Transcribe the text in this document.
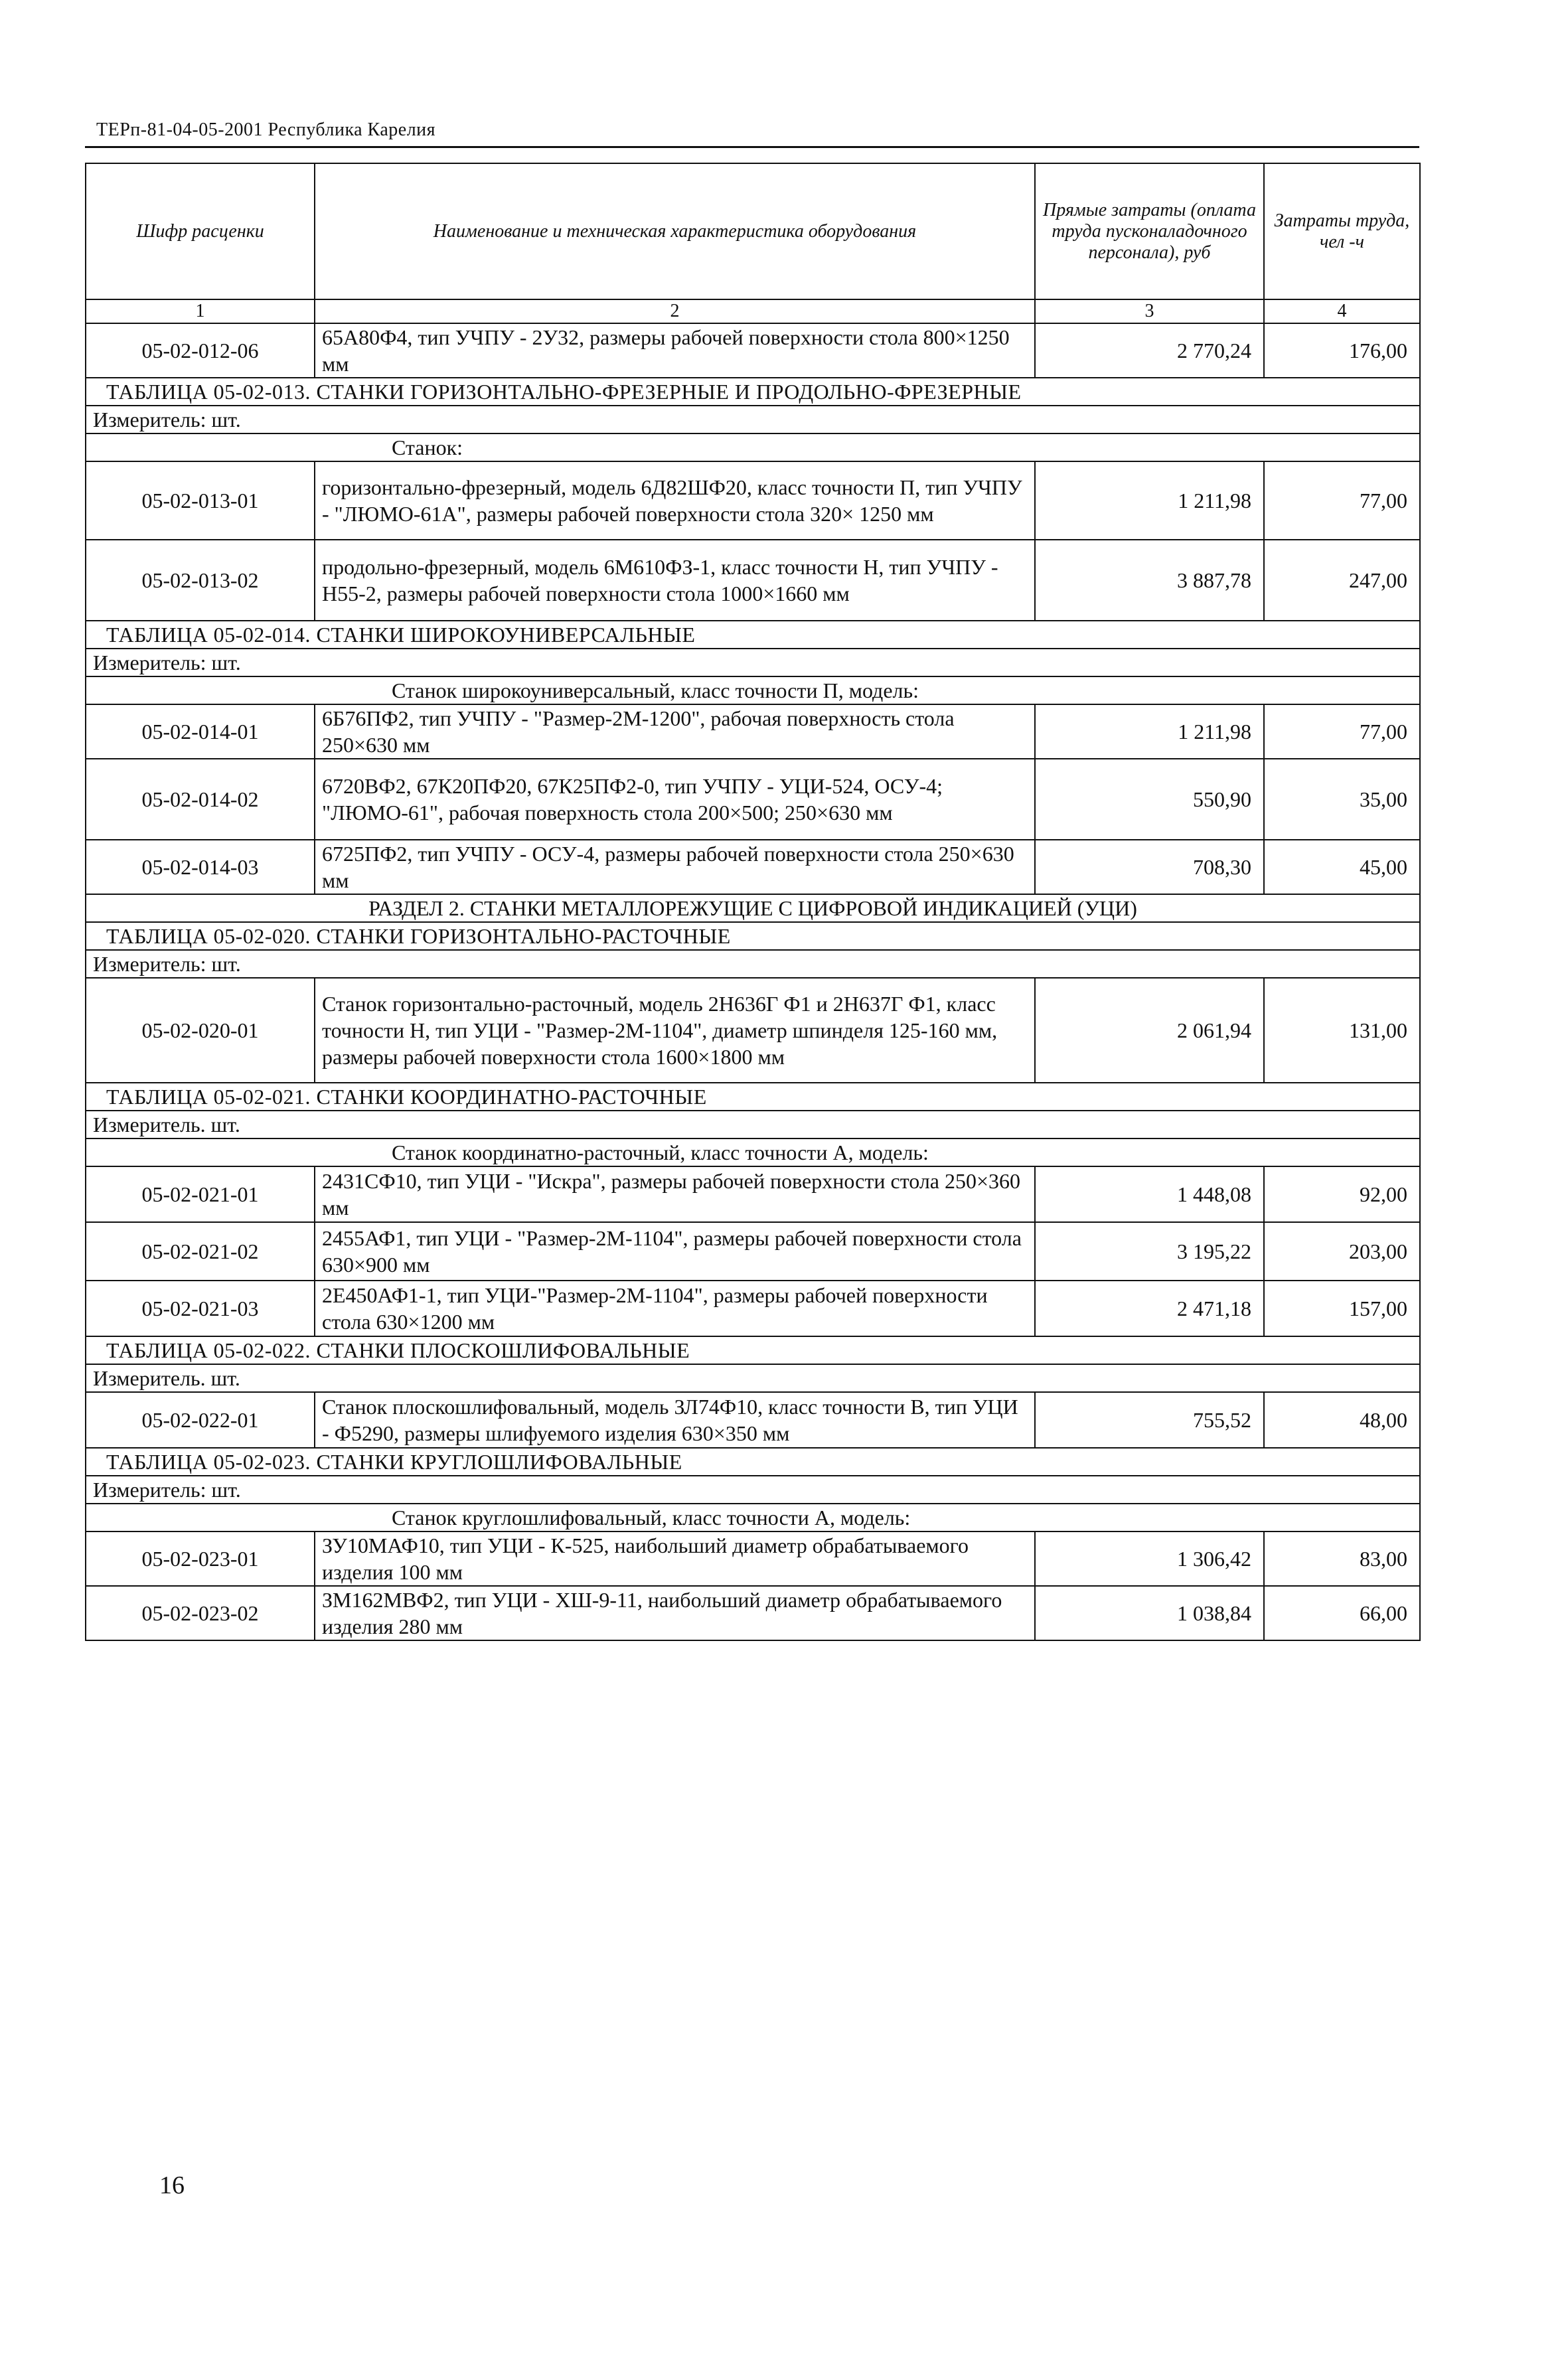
ТЕРп-81-04-05-2001 Республика Карелия
Шифр расценки	Наименование и техническая характеристика оборудования	Прямые затраты (оплата труда пусконаладочного персонала), руб	Затраты труда, чел -ч
1	2	3	4
05-02-012-06	65А80Ф4, тип УЧПУ - 2У32, размеры рабочей поверхности стола 800×1250 мм	2 770,24	176,00

ТАБЛИЦА 05-02-013. СТАНКИ ГОРИЗОНТАЛЬНО-ФРЕЗЕРНЫЕ И ПРОДОЛЬНО-ФРЕЗЕРНЫЕ			

Измеритель: шт.			

Станок:			

05-02-013-01	горизонтально-фрезерный, модель 6Д82ШФ20, класс точности П, тип УЧПУ - "ЛЮМО-61А", размеры рабочей поверхности стола 320× 1250 мм	1 211,98	77,00
05-02-013-02	продольно-фрезерный, модель 6М610ФЗ-1, класс точности Н, тип УЧПУ - Н55-2, размеры рабочей поверхности стола 1000×1660 мм	3 887,78	247,00

ТАБЛИЦА 05-02-014. СТАНКИ ШИРОКОУНИВЕРСАЛЬНЫЕ			

Измеритель: шт.			

Станок широкоуниверсальный, класс точности П, модель:			

05-02-014-01	6Б76ПФ2, тип УЧПУ - "Размер-2М-1200", рабочая поверхность стола 250×630 мм	1 211,98	77,00
05-02-014-02	6720ВФ2, 67К20ПФ20, 67К25ПФ2-0, тип УЧПУ - УЦИ-524, ОСУ-4; "ЛЮМО-61", рабочая поверхность стола 200×500; 250×630 мм	550,90	35,00
05-02-014-03	6725ПФ2, тип УЧПУ - ОСУ-4, размеры рабочей поверхности стола 250×630 мм	708,30	45,00
РАЗДЕЛ 2. СТАНКИ МЕТАЛЛОРЕЖУЩИЕ С ЦИФРОВОЙ ИНДИКАЦИЕЙ (УЦИ)			

ТАБЛИЦА 05-02-020. СТАНКИ ГОРИЗОНТАЛЬНО-РАСТОЧНЫЕ			

Измеритель: шт.			
05-02-020-01	Станок горизонтально-расточный, модель 2Н636Г Ф1 и 2Н637Г Ф1, класс точности Н, тип УЦИ - "Размер-2М-1104", диаметр шпинделя 125-160 мм, размеры рабочей поверхности стола 1600×1800 мм	2 061,94	131,00

ТАБЛИЦА 05-02-021. СТАНКИ КООРДИНАТНО-РАСТОЧНЫЕ			

Измеритель. шт.			

Станок координатно-расточный, класс точности А, модель:			

05-02-021-01	2431СФ10, тип УЦИ - "Искра", размеры рабочей поверхности стола 250×360 мм	1 448,08	92,00
05-02-021-02	2455АФ1, тип УЦИ - "Размер-2М-1104", размеры рабочей поверхности стола 630×900 мм	3 195,22	203,00
05-02-021-03	2Е450АФ1-1, тип УЦИ-"Размер-2М-1104", размеры рабочей поверхности стола 630×1200 мм	2 471,18	157,00

ТАБЛИЦА 05-02-022. СТАНКИ ПЛОСКОШЛИФОВАЛЬНЫЕ			

Измеритель. шт.			
05-02-022-01	Станок плоскошлифовальный, модель ЗЛ74Ф10, класс точности В, тип УЦИ - Ф5290, размеры шлифуемого изделия 630×350 мм	755,52	48,00

ТАБЛИЦА 05-02-023. СТАНКИ КРУГЛОШЛИФОВАЛЬНЫЕ			

Измеритель: шт.			

Станок круглошлифовальный, класс точности А, модель:			

05-02-023-01	ЗУ10МАФ10, тип УЦИ - К-525, наибольший диаметр обрабатываемого изделия 100 мм	1 306,42	83,00
05-02-023-02	ЗМ162МВФ2, тип УЦИ - ХШ-9-11, наибольший диаметр обрабатываемого изделия 280 мм	1 038,84	66,00
16
